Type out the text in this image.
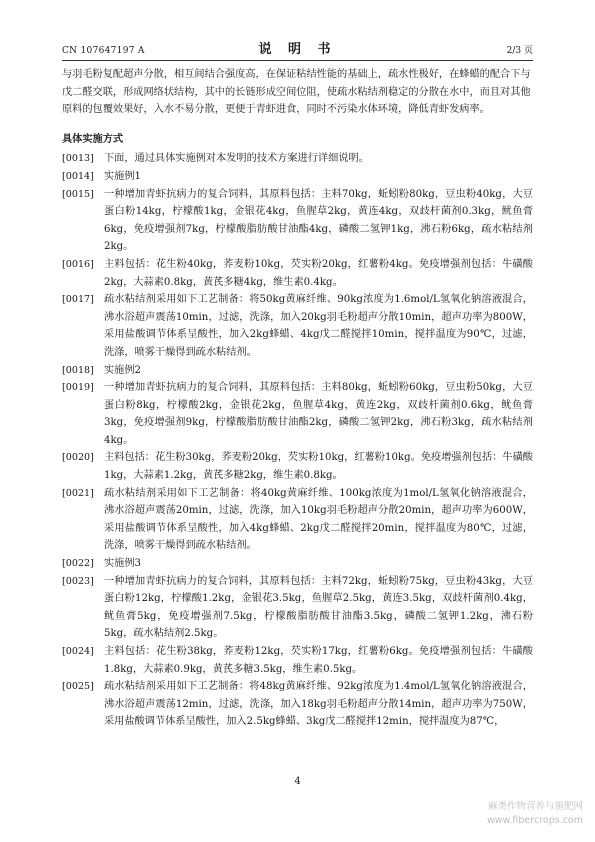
CN 107647197 A	说 明 书	2/3 页

与羽毛粉复配超声分散，相互间结合强度高，在保证粘结性能的基础上，疏水性极好，在蜂蜡的配合下与戊二醛交联，形成网络状结构，其中的长链形成空间位阻，使疏水粘结剂稳定的分散在水中，而且对其他原料的包覆效果好，入水不易分散，更便于青虾进食，同时不污染水体环境，降低青虾发病率。

具体实施方式
[0013] 下面，通过具体实施例对本发明的技术方案进行详细说明。
[0014] 实施例1
[0015] 一种增加青虾抗病力的复合饲料，其原料包括：主料70kg，蚯蚓粉80kg，豆虫粉40kg，大豆蛋白粉14kg，柠檬酸1kg，金银花4kg，鱼腥草2kg，黄连4kg，双歧杆菌剂0.3kg，鱿鱼膏6kg，免疫增强剂7kg，柠檬酸脂肪酸甘油酯4kg，磷酸二氢钾1kg，沸石粉6kg，疏水粘结剂2kg。
[0016] 主料包括：花生粉40kg，荞麦粉10kg，芡实粉20kg，红薯粉4kg。免疫增强剂包括：牛磺酸2kg，大蒜素0.8kg，黄芪多糖4kg，维生素0.4kg。
[0017] 疏水粘结剂采用如下工艺制备：将50kg黄麻纤维、90kg浓度为1.6mol/L氢氧化钠溶液混合，沸水浴超声震荡10min，过滤，洗涤，加入20kg羽毛粉超声分散10min，超声功率为800W，采用盐酸调节体系呈酸性，加入2kg蜂蜡、4kg戊二醛搅拌10min，搅拌温度为90℃，过滤，洗涤，喷雾干燥得到疏水粘结剂。
[0018] 实施例2
[0019] 一种增加青虾抗病力的复合饲料，其原料包括：主料80kg，蚯蚓粉60kg，豆虫粉50kg，大豆蛋白粉8kg，柠檬酸2kg，金银花2kg，鱼腥草4kg，黄连2kg，双歧杆菌剂0.6kg，鱿鱼膏3kg，免疫增强剂9kg，柠檬酸脂肪酸甘油酯2kg，磷酸二氢钾2kg，沸石粉3kg，疏水粘结剂4kg。
[0020] 主料包括：花生粉30kg，荞麦粉20kg，芡实粉10kg，红薯粉10kg。免疫增强剂包括：牛磺酸1kg，大蒜素1.2kg，黄芪多糖2kg，维生素0.8kg。
[0021] 疏水粘结剂采用如下工艺制备：将40kg黄麻纤维、100kg浓度为1mol/L氢氧化钠溶液混合，沸水浴超声震荡20min，过滤，洗涤，加入10kg羽毛粉超声分散20min，超声功率为600W，采用盐酸调节体系呈酸性，加入4kg蜂蜡、2kg戊二醛搅拌20min，搅拌温度为80℃，过滤，洗涤，喷雾干燥得到疏水粘结剂。
[0022] 实施例3
[0023] 一种增加青虾抗病力的复合饲料，其原料包括：主料72kg，蚯蚓粉75kg，豆虫粉43kg，大豆蛋白粉12kg，柠檬酸1.2kg，金银花3.5kg，鱼腥草2.5kg，黄连3.5kg，双歧杆菌剂0.4kg，鱿鱼膏5kg，免疫增强剂7.5kg，柠檬酸脂肪酸甘油酯3.5kg，磷酸二氢钾1.2kg，沸石粉5kg，疏水粘结剂2.5kg。
[0024] 主料包括：花生粉38kg，荞麦粉12kg，芡实粉17kg，红薯粉6kg。免疫增强剂包括：牛磺酸1.8kg，大蒜素0.9kg，黄芪多糖3.5kg，维生素0.5kg。
[0025] 疏水粘结剂采用如下工艺制备：将48kg黄麻纤维、92kg浓度为1.4mol/L氢氧化钠溶液混合，沸水浴超声震荡12min，过滤，洗涤，加入18kg羽毛粉超声分散14min，超声功率为750W，采用盐酸调节体系呈酸性，加入2.5kg蜂蜡、3kg戊二醛搅拌12min，搅拌温度为87℃，
4
麻类作物营养与施肥网
www.fibercrops.com
